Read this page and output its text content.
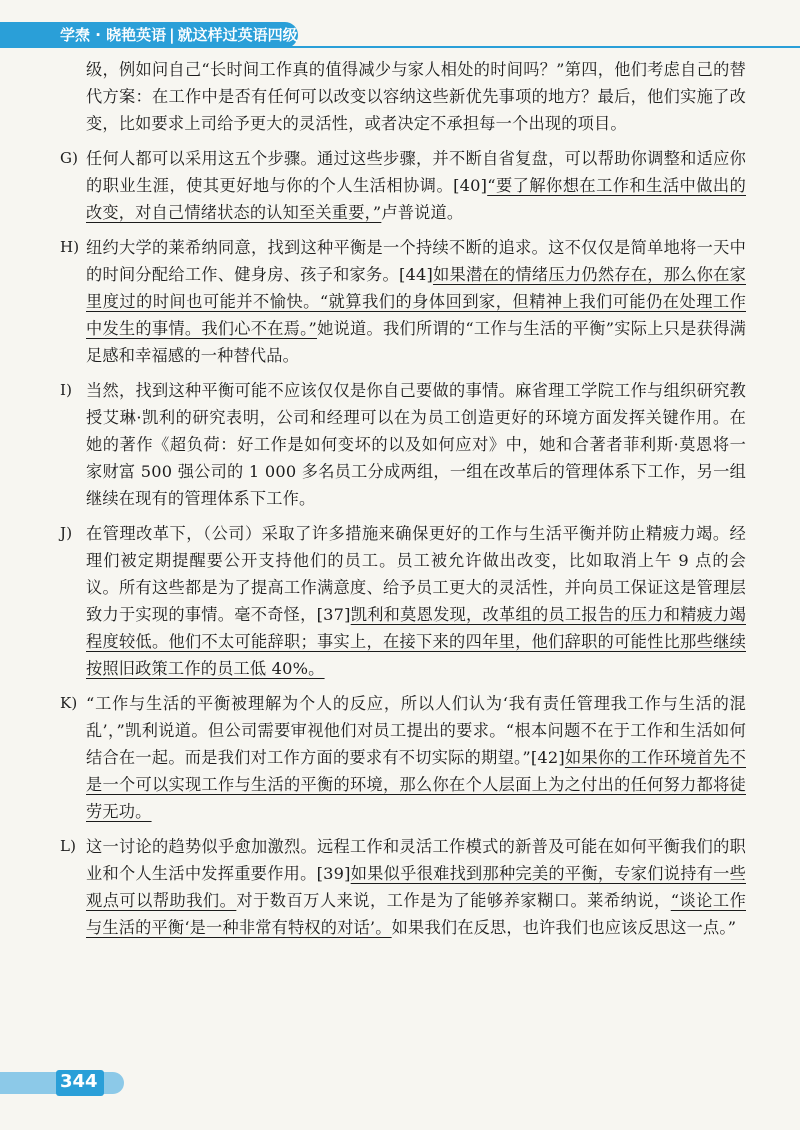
学焘 · 晓艳英语 | 就这样过英语四级
级，例如问自己“长时间工作真的值得减少与家人相处的时间吗？”第四，他们考虑自己的替代方案：在工作中是否有任何可以改变以容纳这些新优先事项的地方？最后，他们实施了改变，比如要求上司给予更大的灵活性，或者决定不承担每一个出现的项目。
G) 任何人都可以采用这五个步骤。通过这些步骤，并不断自省复盘，可以帮助你调整和适应你的职业生涯，使其更好地与你的个人生活相协调。[40]“要了解你想在工作和生活中做出的改变，对自己情绪状态的认知至关重要，”卢普说道。
H) 纽约大学的莱希纳同意，找到这种平衡是一个持续不断的追求。这不仅仅是简单地将一天中的时间分配给工作、健身房、孩子和家务。[44]如果潜在的情绪压力仍然存在，那么你在家里度过的时间也可能并不愉快。“就算我们的身体回到家，但精神上我们可能仍在处理工作中发生的事情。我们心不在焉。”她说道。我们所谓的“工作与生活的平衡”实际上只是获得满足感和幸福感的一种替代品。
I) 当然，找到这种平衡可能不应该仅仅是你自己要做的事情。麻省理工学院工作与组织研究教授艾琳·凯利的研究表明，公司和经理可以在为员工创造更好的环境方面发挥关键作用。在她的著作《超负荷：好工作是如何变坏的以及如何应对》中，她和合著者菲利斯·莫恩将一家财富 500 强公司的 1 000 多名员工分成两组，一组在改革后的管理体系下工作，另一组继续在现有的管理体系下工作。
J) 在管理改革下，（公司）采取了许多措施来确保更好的工作与生活平衡并防止精疲力竭。经理们被定期提醒要公开支持他们的员工。员工被允许做出改变，比如取消上午 9 点的会议。所有这些都是为了提高工作满意度、给予员工更大的灵活性，并向员工保证这是管理层致力于实现的事情。毫不奇怪，[37]凯利和莫恩发现，改革组的员工报告的压力和精疲力竭程度较低。他们不太可能辞职；事实上，在接下来的四年里，他们辞职的可能性比那些继续按照旧政策工作的员工低 40%。
K) “工作与生活的平衡被理解为个人的反应，所以人们认为‘我有责任管理我工作与生活的混乱’，”凯利说道。但公司需要审视他们对员工提出的要求。“根本问题不在于工作和生活如何结合在一起。而是我们对工作方面的要求有不切实际的期望。”[42]如果你的工作环境首先不是一个可以实现工作与生活的平衡的环境，那么你在个人层面上为之付出的任何努力都将徒劳无功。
L) 这一讨论的趋势似乎愈加激烈。远程工作和灵活工作模式的新普及可能在如何平衡我们的职业和个人生活中发挥重要作用。[39]如果似乎很难找到那种完美的平衡，专家们说持有一些观点可以帮助我们。对于数百万人来说，工作是为了能够养家糊口。莱希纳说，“谈论工作与生活的平衡‘是一种非常有特权的对话’。如果我们在反思，也许我们也应该反思这一点。”
344
